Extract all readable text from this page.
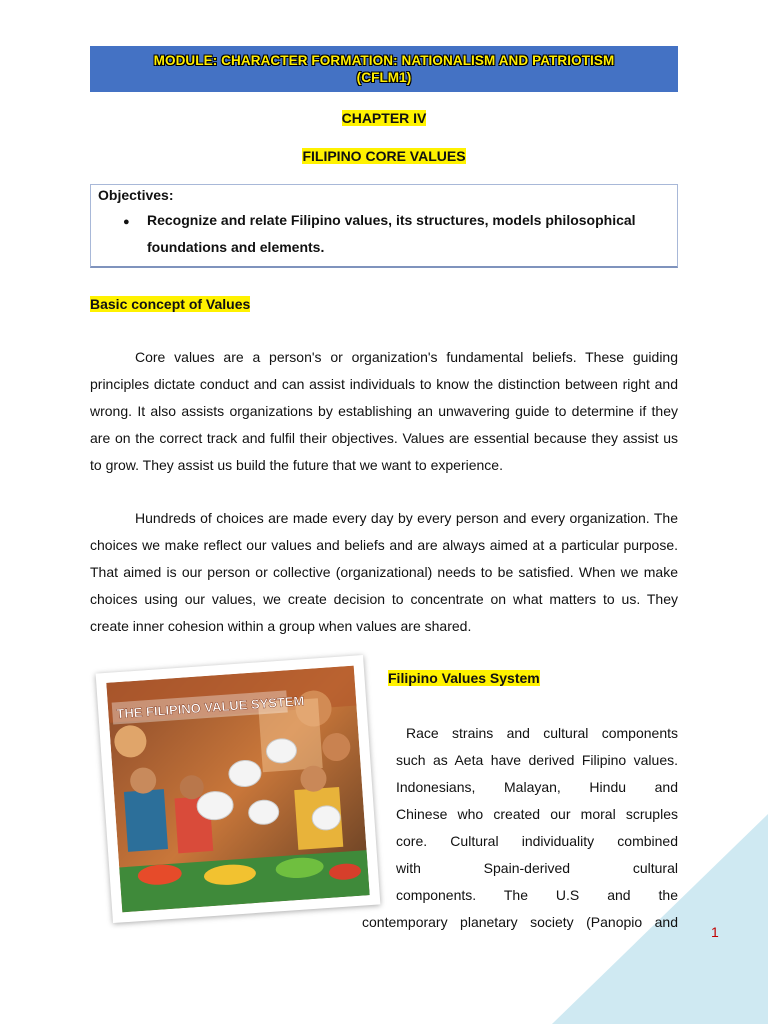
MODULE: CHARACTER FORMATION: NATIONALISM AND PATRIOTISM
(CFLM1)
CHAPTER IV
FILIPINO CORE VALUES
Objectives:
● Recognize and relate Filipino values, its structures, models philosophical foundations and elements.
Basic concept of Values

Core values are a person's or organization's fundamental beliefs. These guiding principles dictate conduct and can assist individuals to know the distinction between right and wrong. It also assists organizations by establishing an unwavering guide to determine if they are on the correct track and fulfil their objectives. Values are essential because they assist us to grow. They assist us build the future that we want to experience.

Hundreds of choices are made every day by every person and every organization. The choices we make reflect our values and beliefs and are always aimed at a particular purpose. That aimed is our person or collective (organizational) needs to be satisfied. When we make choices using our values, we create decision to concentrate on what matters to us. They create inner cohesion within a group when values are shared.

Filipino Values System
THE FILIPINO VALUE SYSTEM
Race strains and cultural components
such as Aeta have derived Filipino values.
Indonesians, Malayan, Hindu and
Chinese who created our moral scruples
core. Cultural individuality combined
with Spain-derived cultural
components. The U.S and the
contemporary planetary society (Panopio and
1
